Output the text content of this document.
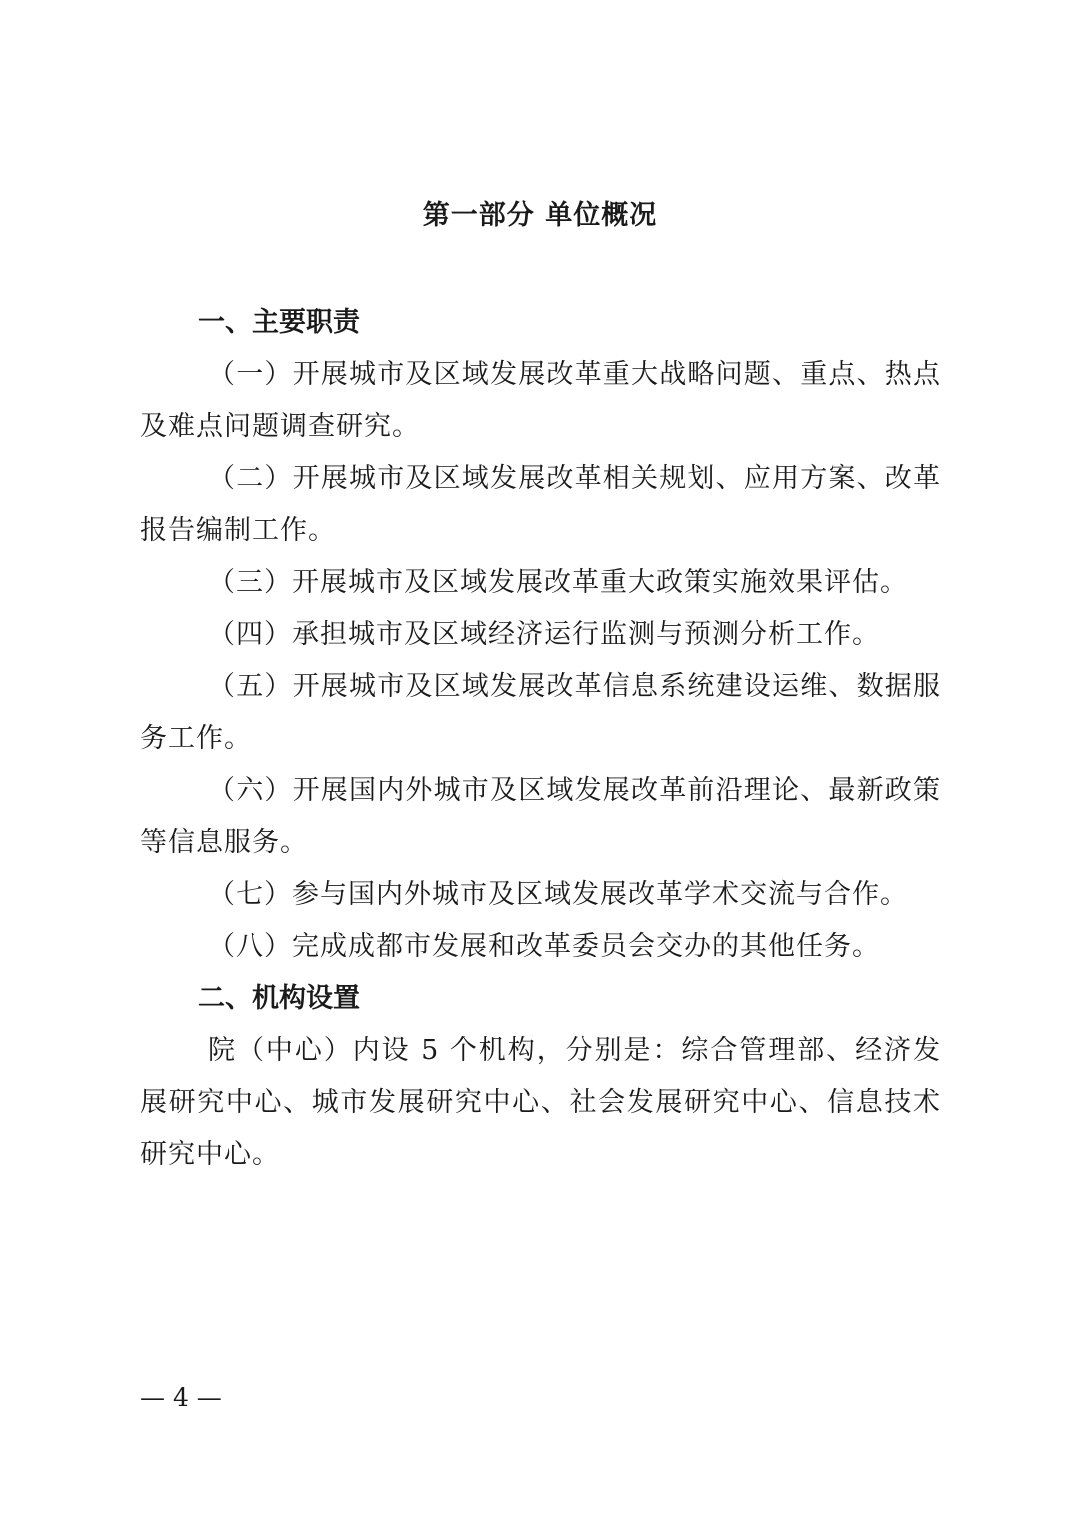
第一部分 单位概况
一、主要职责

（一）开展城市及区域发展改革重大战略问题、重点、热点
及难点问题调查研究。

（二）开展城市及区域发展改革相关规划、应用方案、改革
报告编制工作。

（三）开展城市及区域发展改革重大政策实施效果评估。

（四）承担城市及区域经济运行监测与预测分析工作。

（五）开展城市及区域发展改革信息系统建设运维、数据服
务工作。

（六）开展国内外城市及区域发展改革前沿理论、最新政策
等信息服务。

（七）参与国内外城市及区域发展改革学术交流与合作。

（八）完成成都市发展和改革委员会交办的其他任务。

二、机构设置

院（中心）内设 5 个机构，分别是：综合管理部、经济发
展研究中心、城市发展研究中心、社会发展研究中心、信息技术
研究中心。

— 4 —
